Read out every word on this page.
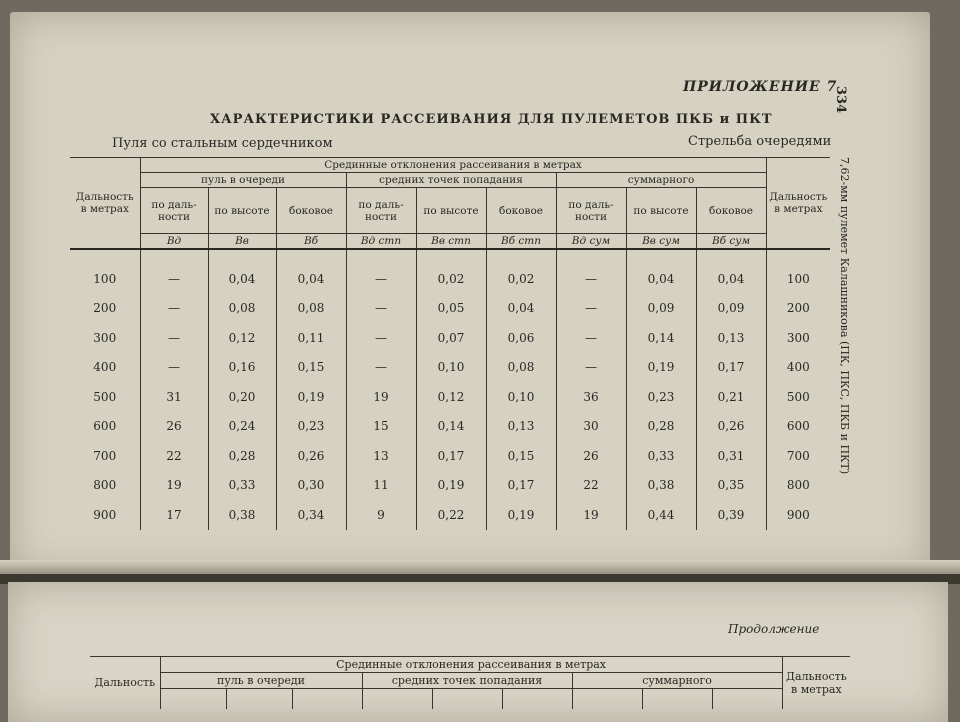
ПРИЛОЖЕНИЕ 7
334
ХАРАКТЕРИСТИКИ РАССЕИВАНИЯ ДЛЯ ПУЛЕМЕТОВ ПКБ и ПКТ
Пуля со стальным сердечником	Стрельба очередями
7,62-мм пулемет Калашникова (ПК, ПКС, ПКБ и ПКТ)
Дальность в метрах	Срединные отклонения рассеивания в метрах									Дальность в метрах
	пуль в очереди			средних точек попадания			суммарного			
	по даль-ности	по высоте	боковое	по даль-ности	по высоте	боковое	по даль-ности	по высоте	боковое	
	Вд	Вв	Вб	Вд стп	Вв стп	Вб стп	Вд сум	Вв сум	Вб сум	
100	—	0,04	0,04	—	0,02	0,02	—	0,04	0,04	100
200	—	0,08	0,08	—	0,05	0,04	—	0,09	0,09	200
300	—	0,12	0,11	—	0,07	0,06	—	0,14	0,13	300
400	—	0,16	0,15	—	0,10	0,08	—	0,19	0,17	400
500	31	0,20	0,19	19	0,12	0,10	36	0,23	0,21	500
600	26	0,24	0,23	15	0,14	0,13	30	0,28	0,26	600
700	22	0,28	0,26	13	0,17	0,15	26	0,33	0,31	700
800	19	0,33	0,30	11	0,19	0,17	22	0,38	0,35	800
900	17	0,38	0,34	9	0,22	0,19	19	0,44	0,39	900
Продолжение
Дальность	Срединные отклонения рассеивания в метрах									Дальность в метрах
	пуль в очереди			средних точек попадания			суммарного			
